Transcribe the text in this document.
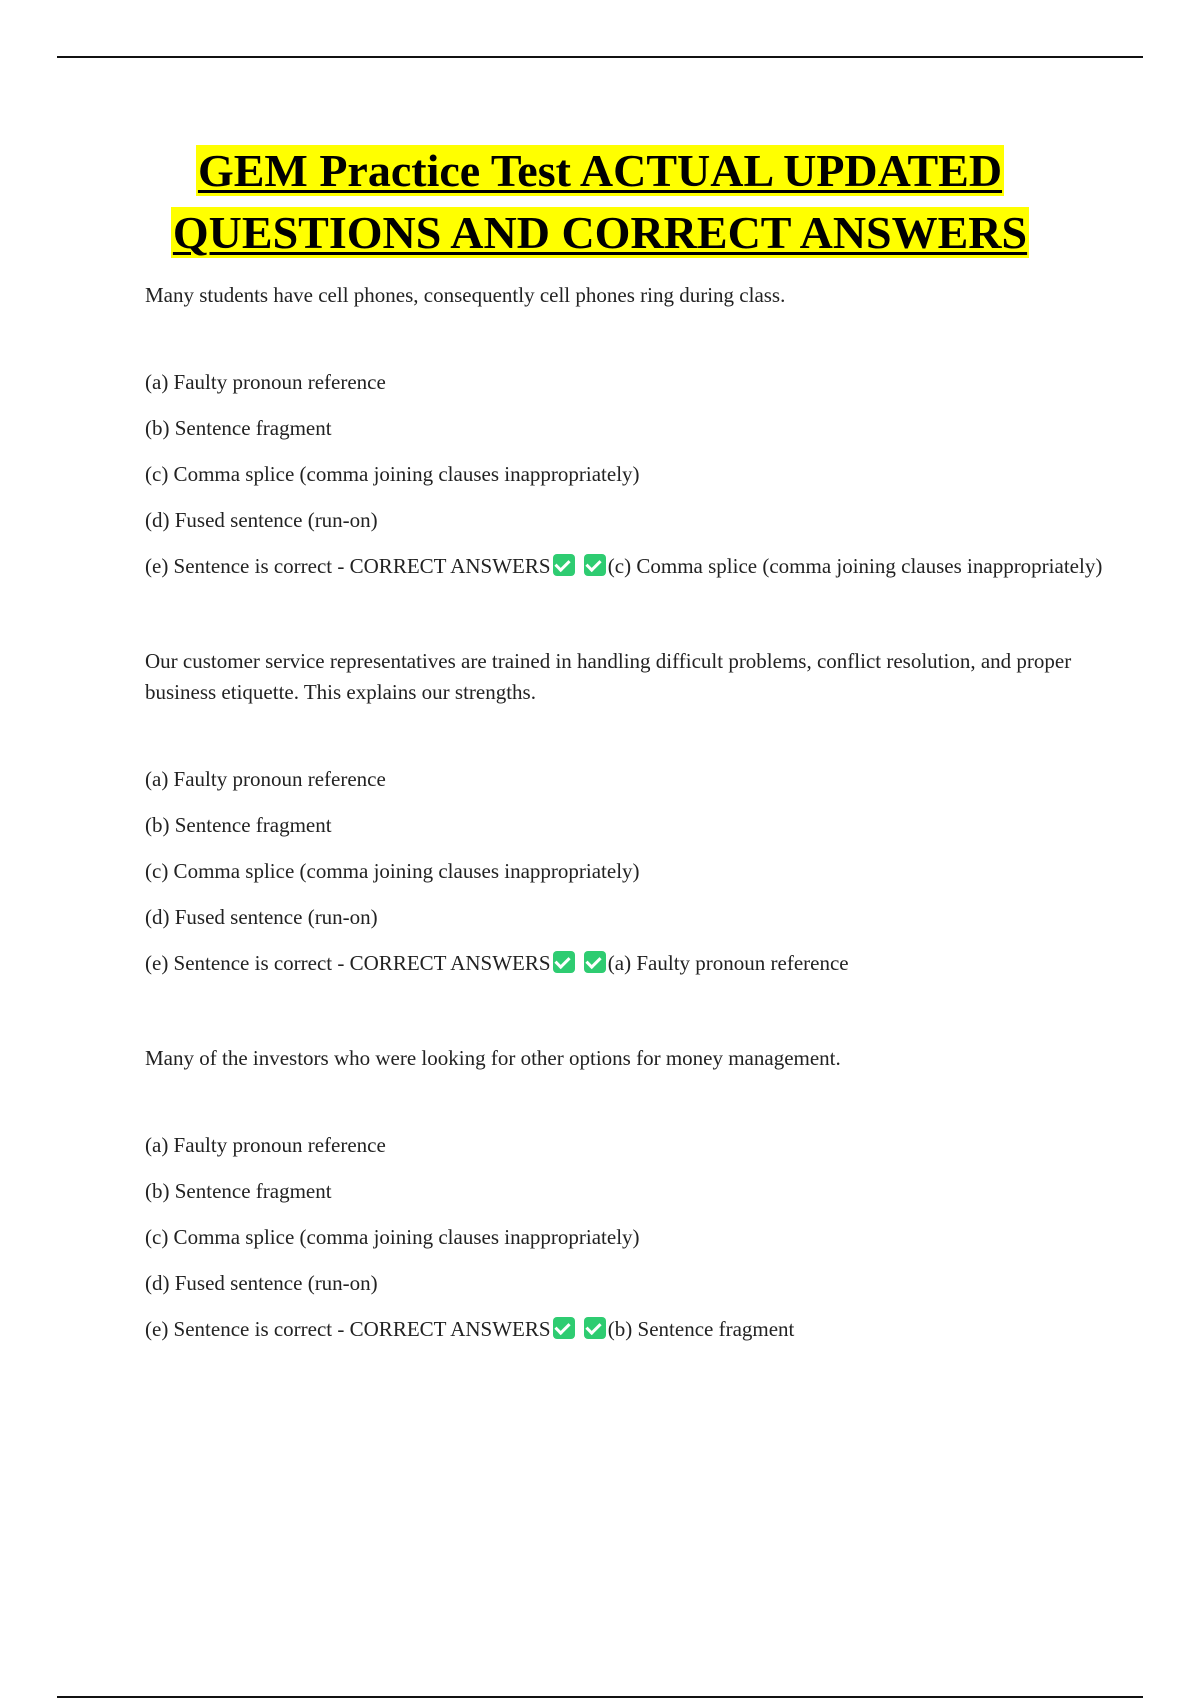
GEM Practice Test ACTUAL UPDATED
QUESTIONS AND CORRECT ANSWERS

Many students have cell phones, consequently cell phones ring during class.

(a) Faulty pronoun reference

(b) Sentence fragment

(c) Comma splice (comma joining clauses inappropriately)

(d) Fused sentence (run-on)

(e) Sentence is correct - CORRECT ANSWERS	(c) Comma splice (comma joining clauses inappropriately)

Our customer service representatives are trained in handling difficult problems, conflict resolution, and proper business etiquette. This explains our strengths.

(a) Faulty pronoun reference

(b) Sentence fragment

(c) Comma splice (comma joining clauses inappropriately)

(d) Fused sentence (run-on)

(e) Sentence is correct - CORRECT ANSWERS	(a) Faulty pronoun reference

Many of the investors who were looking for other options for money management.

(a) Faulty pronoun reference

(b) Sentence fragment

(c) Comma splice (comma joining clauses inappropriately)

(d) Fused sentence (run-on)

(e) Sentence is correct - CORRECT ANSWERS	(b) Sentence fragment
